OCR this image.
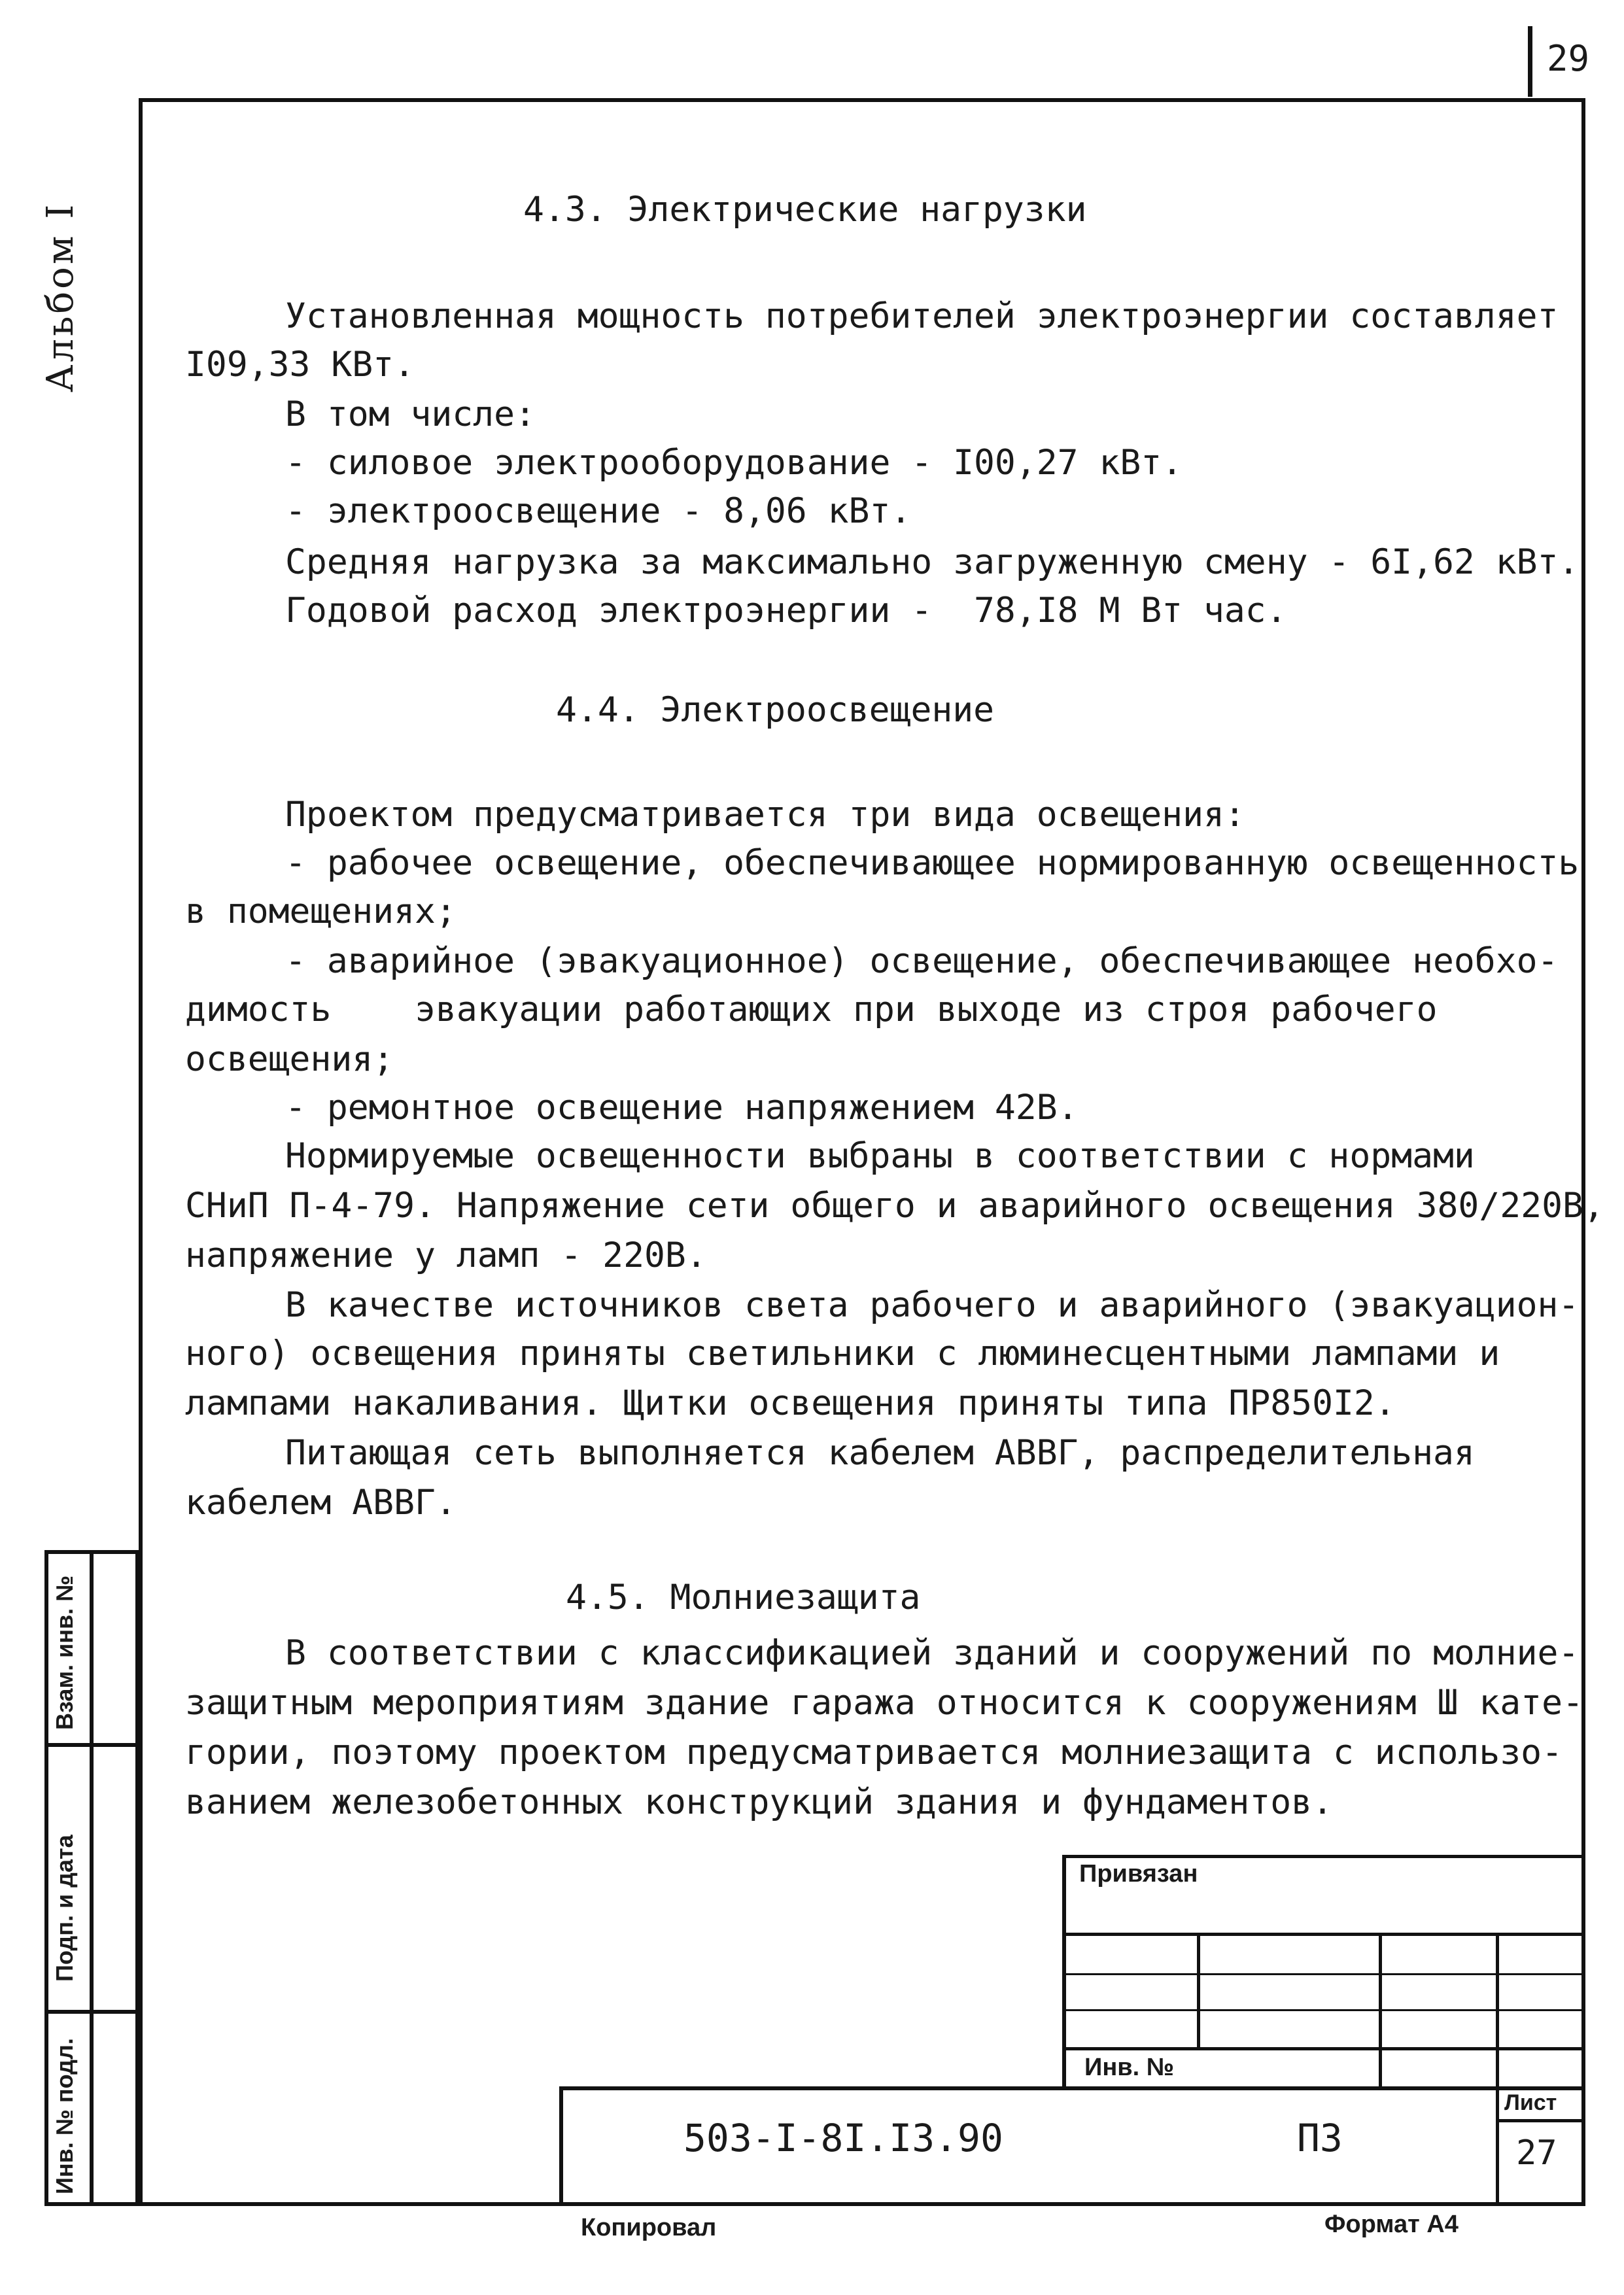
29
Альбом I	4.3. Электрические нагрузки
Установленная мощность потребителей электроэнергии составляет
I09,33 КВт.
В том числе:
- силовое электрооборудование - I00,27 кВт.
- электроосвещение - 8,06 кВт.
Средняя нагрузка за максимально загруженную смену - 6I,62 кВт.
Годовой расход электроэнергии -  78,I8 М Вт час.
4.4. Электроосвещение
Проектом предусматривается три вида освещения:
- рабочее освещение, обеспечивающее нормированную освещенность
в помещениях;
- аварийное (эвакуационное) освещение, обеспечивающее необхо-
димость    эвакуации работающих при выходе из строя рабочего
освещения;
- ремонтное освещение напряжением 42В.
Нормируемые освещенности выбраны в соответствии с нормами
СНиП П-4-79. Напряжение сети общего и аварийного освещения 380/220В,
напряжение у ламп - 220В.
В качестве источников света рабочего и аварийного (эвакуацион-
ного) освещения приняты светильники с люминесцентными лампами и
лампами накаливания. Щитки освещения приняты типа ПР850I2.
Питающая сеть выполняется кабелем АВВГ, распределительная
кабелем АВВГ.
4.5. Молниезащита
В соответствии с классификацией зданий и сооружений по молние-
защитным мероприятиям здание гаража относится к сооружениям Ш кате-
гории, поэтому проектом предусматривается молниезащита с использо-
ванием железобетонных конструкций здания и фундаментов.
Взам. инв. №
Подп. и дата
Инв. № подл.
Привязан
Инв. №
503-I-8I.I3.90	ПЗ
Лист
27
Копировал	Формат А4
